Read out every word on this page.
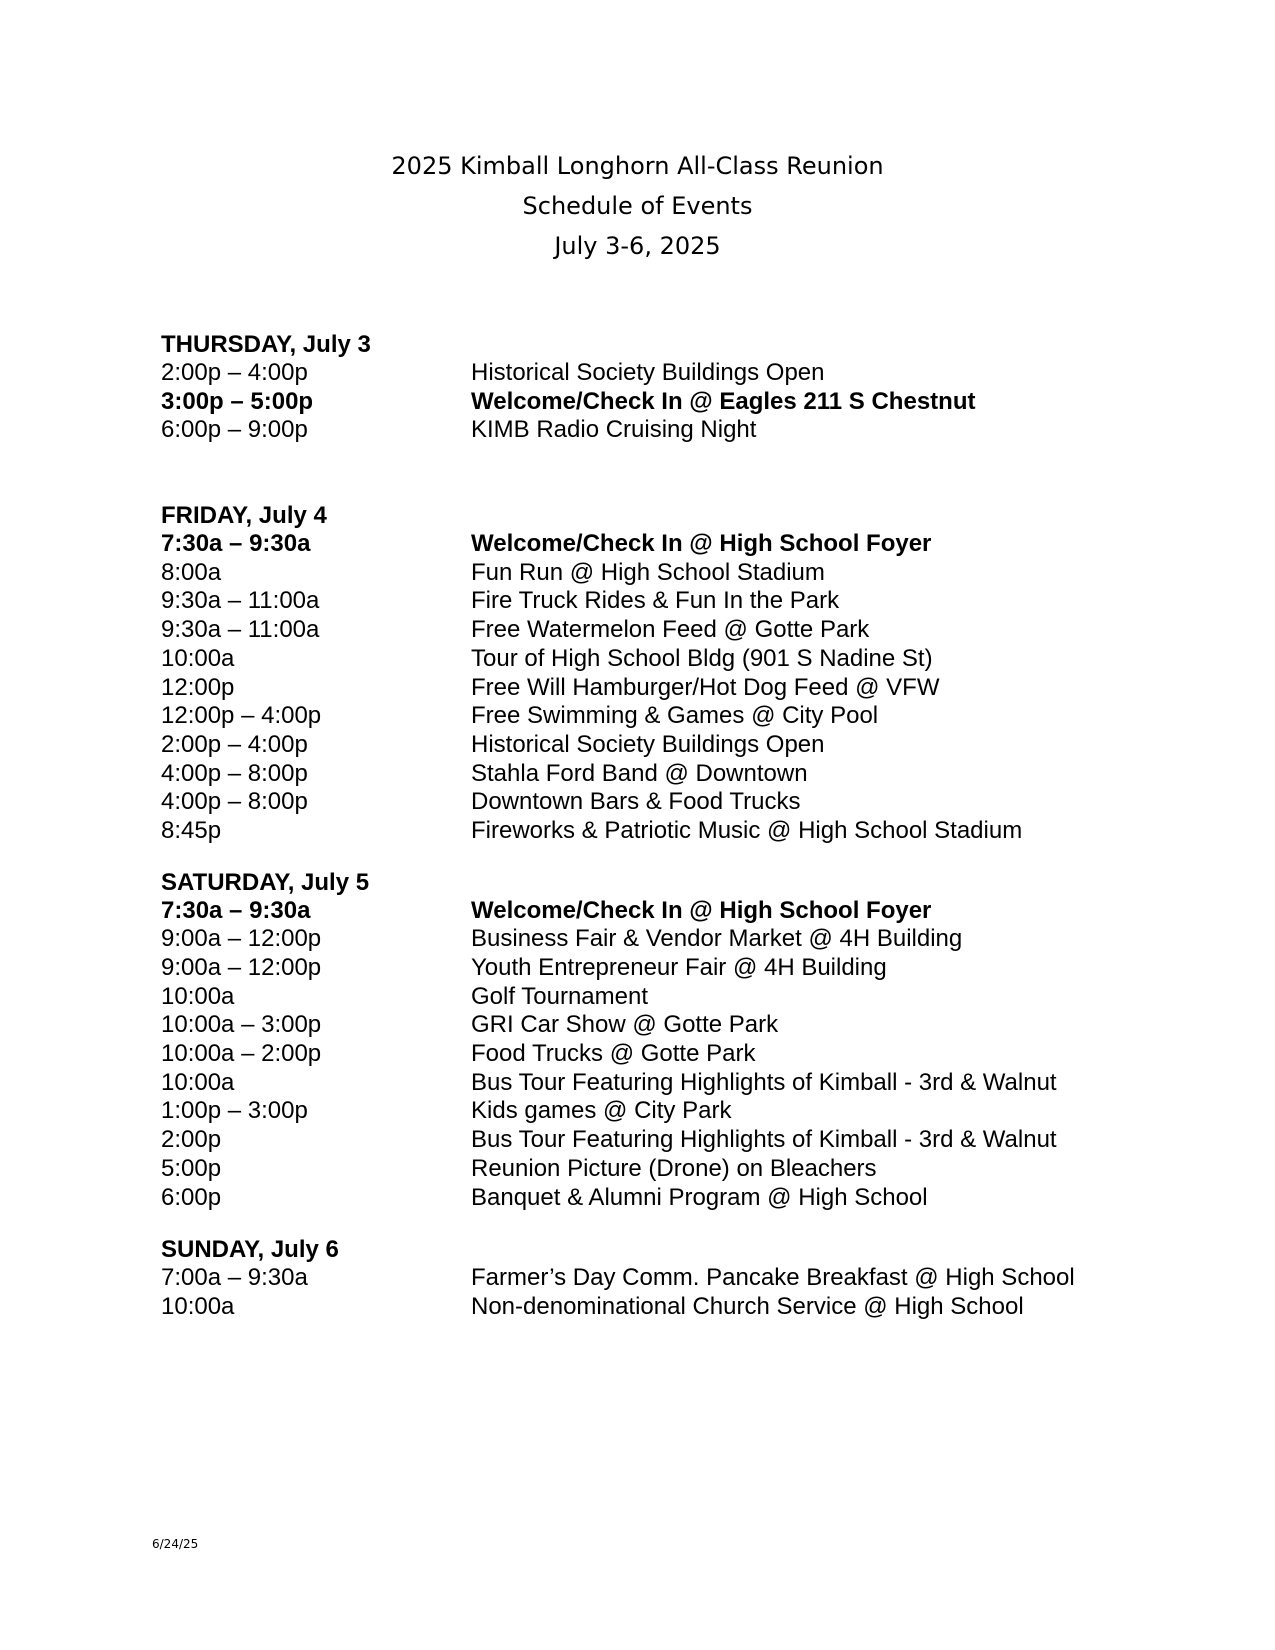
2025 Kimball Longhorn All-Class Reunion
Schedule of Events
July 3-6, 2025
THURSDAY, July 3
2:00p – 4:00p	Historical Society Buildings Open
3:00p – 5:00p	Welcome/Check In @ Eagles 211 S Chestnut
6:00p – 9:00p	KIMB Radio Cruising Night
FRIDAY, July 4
7:30a – 9:30a	Welcome/Check In @ High School Foyer
8:00a	Fun Run @ High School Stadium
9:30a – 11:00a	Fire Truck Rides & Fun In the Park
9:30a – 11:00a	Free Watermelon Feed @ Gotte Park
10:00a	Tour of High School Bldg (901 S Nadine St)
12:00p	Free Will Hamburger/Hot Dog Feed @ VFW
12:00p – 4:00p	Free Swimming & Games @ City Pool
2:00p – 4:00p	Historical Society Buildings Open
4:00p – 8:00p	Stahla Ford Band @ Downtown
4:00p – 8:00p	Downtown Bars & Food Trucks
8:45p	Fireworks & Patriotic Music @ High School Stadium
SATURDAY, July 5
7:30a – 9:30a	Welcome/Check In @ High School Foyer
9:00a – 12:00p	Business Fair & Vendor Market @ 4H Building
9:00a – 12:00p	Youth Entrepreneur Fair @ 4H Building
10:00a	Golf Tournament
10:00a – 3:00p	GRI Car Show @ Gotte Park
10:00a – 2:00p	Food Trucks @ Gotte Park
10:00a	Bus Tour Featuring Highlights of Kimball - 3rd & Walnut
1:00p – 3:00p	Kids games @ City Park
2:00p	Bus Tour Featuring Highlights of Kimball - 3rd & Walnut
5:00p	Reunion Picture (Drone) on Bleachers
6:00p	Banquet & Alumni Program @ High School
SUNDAY, July 6
7:00a – 9:30a	Farmer’s Day Comm. Pancake Breakfast @ High School
10:00a	Non-denominational Church Service @ High School
6/24/25
